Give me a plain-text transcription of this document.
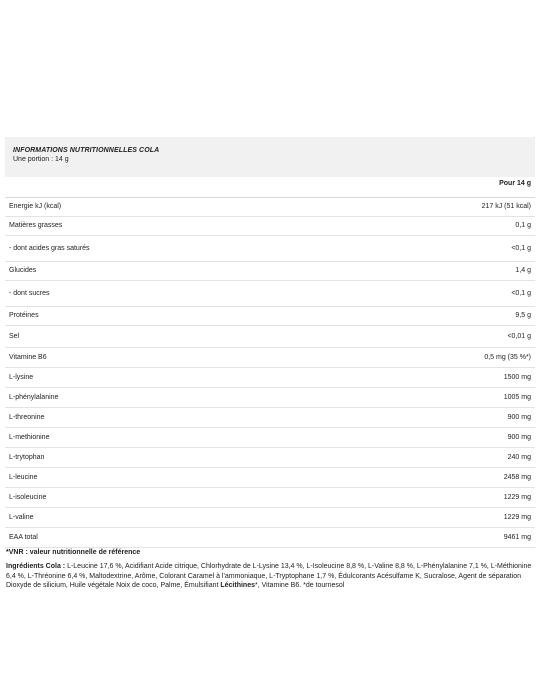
INFORMATIONS NUTRITIONNELLES COLA
Une portion : 14 g
Pour 14 g
Energie kJ (kcal)	217 kJ (51 kcal)
Matières grasses	0,1 g
- dont acides gras saturés	<0,1 g
Glucides	1,4 g
- dont sucres	<0,1 g
Protéines	9,5 g
Sel	<0,01 g
Vitamine B6	0,5 mg (35 %*)
L-lysine	1500 mg
L-phénylalanine	1005 mg
L-threonine	900 mg
L-methionine	900 mg
L-trytophan	240 mg
L-leucine	2458 mg
L-isoleucine	1229 mg
L-valine	1229 mg
EAA total	9461 mg
*VNR : valeur nutritionnelle de référence
Ingrédients Cola : L-Leucine 17,6 %, Acidifiant Acide citrique, Chlorhydrate de L-Lysine 13,4 %, L-Isoleucine 8,8 %, L-Valine 8,8 %, L-Phénylalanine 7,1 %, L-Méthionine 6,4 %, L-Thréonine 6,4 %, Maltodextrine, Arôme, Colorant Caramel à l'ammoniaque, L-Tryptophane 1,7 %, Édulcorants Acésulfame K, Sucralose, Agent de séparation Dioxyde de silicium, Huile végétale Noix de coco, Palme, Émulsifiant Lécithines*, Vitamine B6. *de tournesol
